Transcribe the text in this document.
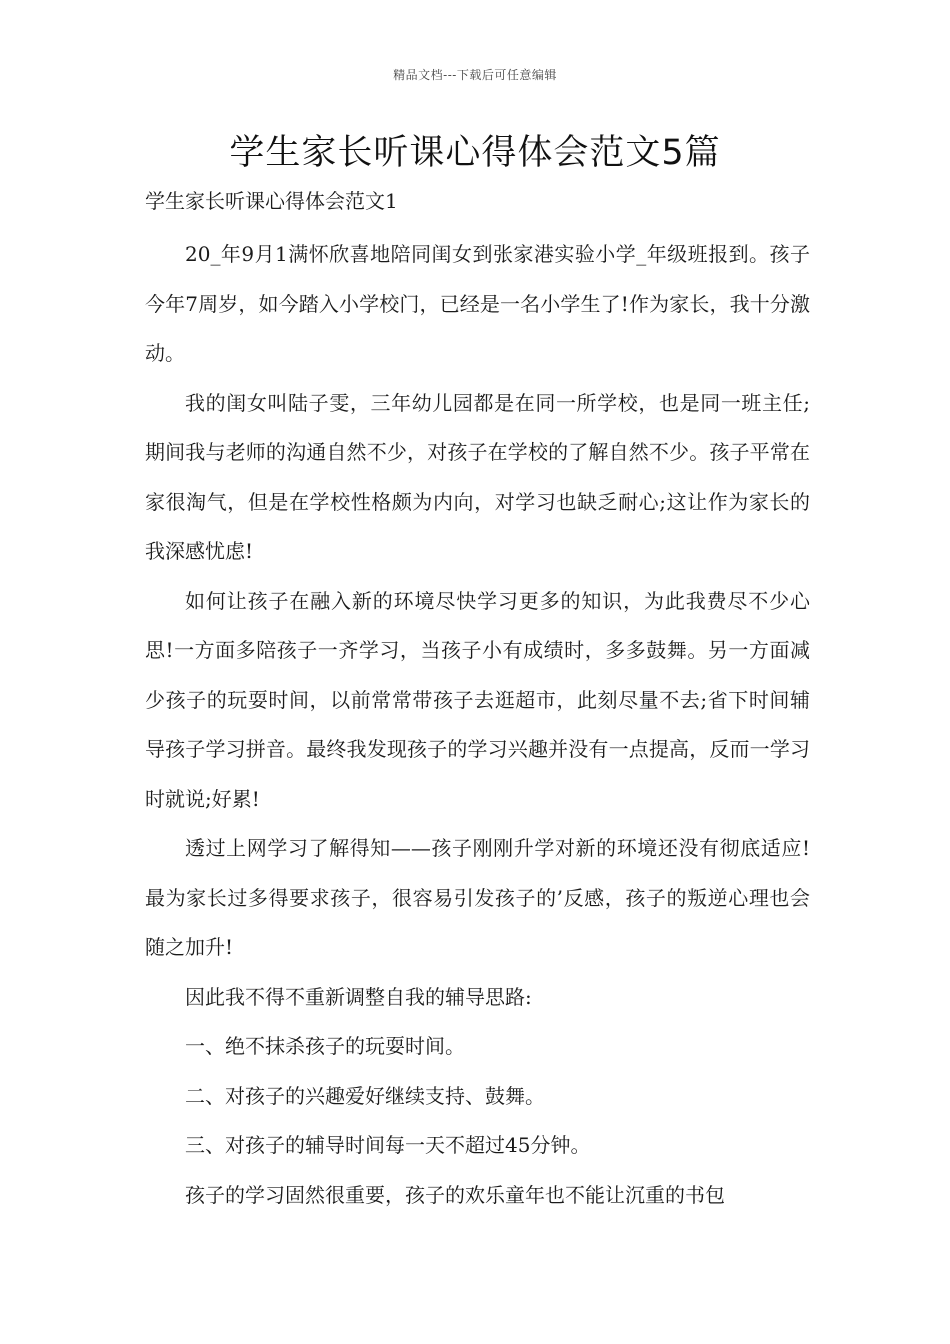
精品文档---下载后可任意编辑
学生家长听课心得体会范文5篇

学生家长听课心得体会范文1

20_年9月1满怀欣喜地陪同闺女到张家港实验小学_年级班报到。孩子今年7周岁，如今踏入小学校门，已经是一名小学生了!作为家长，我十分激动。

我的闺女叫陆子雯，三年幼儿园都是在同一所学校，也是同一班主任;期间我与老师的沟通自然不少，对孩子在学校的了解自然不少。孩子平常在家很淘气，但是在学校性格颇为内向，对学习也缺乏耐心;这让作为家长的我深感忧虑!

如何让孩子在融入新的环境尽快学习更多的知识，为此我费尽不少心思!一方面多陪孩子一齐学习，当孩子小有成绩时，多多鼓舞。另一方面减少孩子的玩耍时间，以前常常带孩子去逛超市，此刻尽量不去;省下时间辅导孩子学习拼音。最终我发现孩子的学习兴趣并没有一点提高，反而一学习时就说;好累!

透过上网学习了解得知——孩子刚刚升学对新的环境还没有彻底适应!最为家长过多得要求孩子，很容易引发孩子的’反感，孩子的叛逆心理也会随之加升!

因此我不得不重新调整自我的辅导思路:

一、绝不抹杀孩子的玩耍时间。

二、对孩子的兴趣爱好继续支持、鼓舞。

三、对孩子的辅导时间每一天不超过45分钟。

孩子的学习固然很重要，孩子的欢乐童年也不能让沉重的书包
